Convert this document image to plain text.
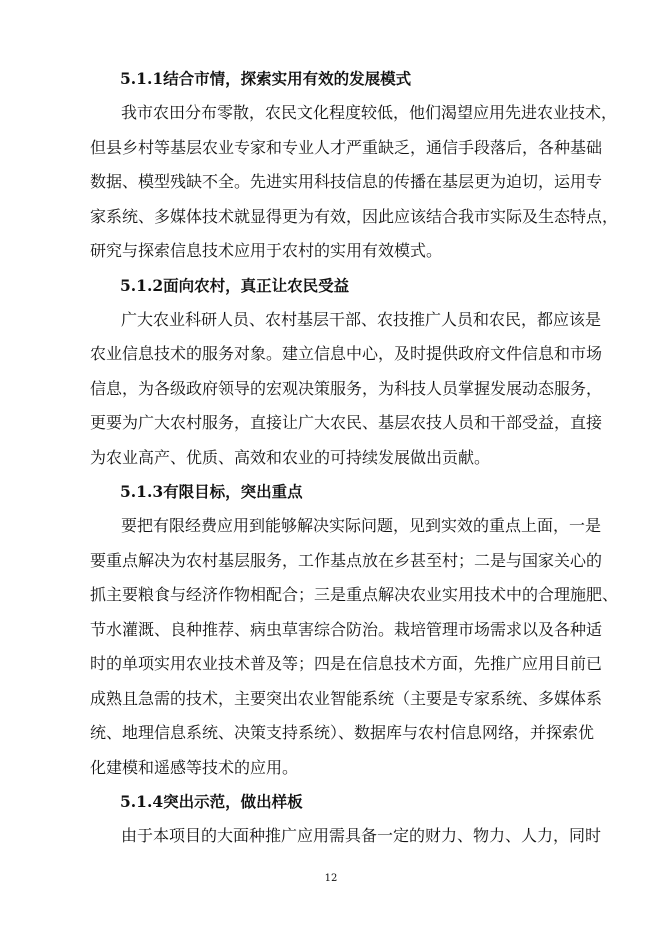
5.1.1结合市情，探索实用有效的发展模式
我市农田分布零散，农民文化程度较低，他们渴望应用先进农业技术，
但县乡村等基层农业专家和专业人才严重缺乏，通信手段落后，各种基础
数据、模型残缺不全。先进实用科技信息的传播在基层更为迫切，运用专
家系统、多媒体技术就显得更为有效，因此应该结合我市实际及生态特点，
研究与探索信息技术应用于农村的实用有效模式。
5.1.2面向农村，真正让农民受益
广大农业科研人员、农村基层干部、农技推广人员和农民，都应该是
农业信息技术的服务对象。建立信息中心，及时提供政府文件信息和市场
信息，为各级政府领导的宏观决策服务，为科技人员掌握发展动态服务，
更要为广大农村服务，直接让广大农民、基层农技人员和干部受益，直接
为农业高产、优质、高效和农业的可持续发展做出贡献。
5.1.3有限目标，突出重点
要把有限经费应用到能够解决实际问题，见到实效的重点上面，一是
要重点解决为农村基层服务，工作基点放在乡甚至村；二是与国家关心的
抓主要粮食与经济作物相配合；三是重点解决农业实用技术中的合理施肥、
节水灌溉、良种推荐、病虫草害综合防治。栽培管理市场需求以及各种适
时的单项实用农业技术普及等；四是在信息技术方面，先推广应用目前已
成熟且急需的技术，主要突出农业智能系统（主要是专家系统、多媒体系
统、地理信息系统、决策支持系统）、数据库与农村信息网络，并探索优
化建模和遥感等技术的应用。
5.1.4突出示范，做出样板
由于本项目的大面种推广应用需具备一定的财力、物力、人力，同时
12
